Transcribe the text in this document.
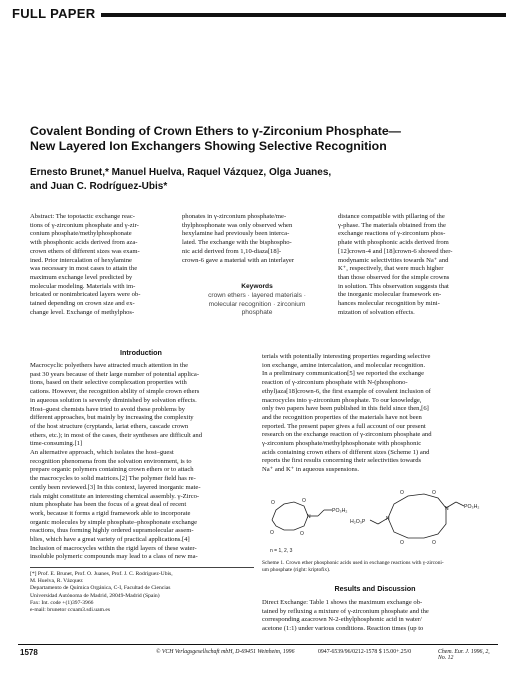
FULL PAPER
Covalent Bonding of Crown Ethers to γ-Zirconium Phosphate—
New Layered Ion Exchangers Showing Selective Recognition
Ernesto Brunet,* Manuel Huelva, Raquel Vázquez, Olga Juanes,
and Juan C. Rodríguez-Ubis*
Abstract: The topotactic exchange reac-
tions of γ-zirconium phosphate and γ-zir-
conium phosphate/methylphosphonate
with phosphonic acids derived from aza-
crown ethers of different sizes was exam-
ined. Prior intercalation of hexylamine
was necessary in most cases to attain the
maximum exchange level predicted by
molecular modeling. Materials with im-
bricated or nonimbricated layers were ob-
tained depending on crown size and ex-
change level. Exchange of methylphos-
phonates in γ-zirconium phosphate/me-
thylphosphonate was only observed when
hexylamine had previously been interca-
lated. The exchange with the bisphospho-
nic acid derived from 1,10-diaza[18]-
crown-6 gave a material with an interlayer
Keywords
crown ethers · layered materials ·
molecular recognition · zirconium
phosphate
distance compatible with pillaring of the
γ-phase. The materials obtained from the
exchange reactions of γ-zirconium phos-
phate with phosphonic acids derived from
[12]crown-4 and [18]crown-6 showed ther-
modynamic selectivities towards Na⁺ and
K⁺, respectively, that were much higher
than those observed for the simple crowns
in solution. This observation suggests that
the inorganic molecular framework en-
hances molecular recognition by mini-
mization of solvation effects.
Introduction
Macrocyclic polyethers have attracted much attention in the
past 30 years because of their large number of potential applica-
tions, based on their selective complexation properties with
cations. However, the recognition ability of simple crown ethers
in aqueous solution is severely diminished by solvation effects.
Host–guest chemists have tried to avoid these problems by
different approaches, but mainly by increasing the complexity
of the host structure (cryptands, lariat ethers, cascade crown
ethers, etc.); in most of the cases, their syntheses are difficult and
time-consuming.[1]
An alternative approach, which isolates the host–guest
recognition phenomena from the solvation environment, is to
prepare organic polymers containing crown ethers or to attach
the macrocycles to solid matrices.[2] The polymer field has re-
cently been reviewed.[3] In this context, layered inorganic mate-
rials might constitute an interesting chemical assembly. γ-Zirco-
nium phosphate has been the focus of a great deal of recent
work, because it forms a rigid framework able to incorporate
organic molecules by simple phosphate–phosphonate exchange
reactions, thus forming highly ordered supramolecular assem-
blies, which have a great variety of practical applications.[4]
Inclusion of macrocycles within the rigid layers of these water-
insoluble polymeric compounds may lead to a class of new ma-
terials with potentially interesting properties regarding selective
ion exchange, amine intercalation, and molecular recognition.
In a preliminary communication[5] we reported the exchange
reaction of γ-zirconium phosphate with N-(phosphono-
ethyl)aza[18]crown-6, the first example of covalent inclusion of
macrocycles into γ-zirconium phosphate. To our knowledge,
only two papers have been published in this field since then,[6]
and the recognition properties of the materials have not been
reported. The present paper gives a full account of our present
research on the exchange reaction of γ-zirconium phosphate and
γ-zirconium phosphate/methylphosphonate with phosphonic
acids containing crown ethers of different sizes (Scheme 1) and
reports the first results concerning their selectivities towards
Na⁺ and K⁺ in aqueous suspensions.
O	O
N
O	O
O	O
N
N
O	O
PO₃H₂
H₂O₃P
PO₃H₂
n = 1, 2, 3
Scheme 1. Crown ether phosphonic acids used in exchange reactions with γ-zirconi-
um phosphate (right: kriptofix).
Results and Discussion
Direct Exchange: Table 1 shows the maximum exchange ob-
tained by refluxing a mixture of γ-zirconium phosphate and the
corresponding azacrown N-2-ethylphosphonic acid in water/
acetone (1:1) under various conditions. Reaction times (up to
[*] Prof. E. Brunet, Prof. O. Juanes, Prof. J. C. Rodríguez-Ubis,
M. Huelva, R. Vázquez
Departamento de Química Orgánica, C-I, Facultad de Ciencias
Universidad Autónoma de Madrid, 28049-Madrid (Spain)
Fax: Int. code +(1)397-3966
e-mail: brunetor ccuam3.sdi.uam.es
1578	© VCH Verlagsgesellschaft mbH, D-69451 Weinheim, 1996	0947-6539/96/0212-1578 $ 15.00+.25/0	Chem. Eur. J. 1996, 2, No. 12
